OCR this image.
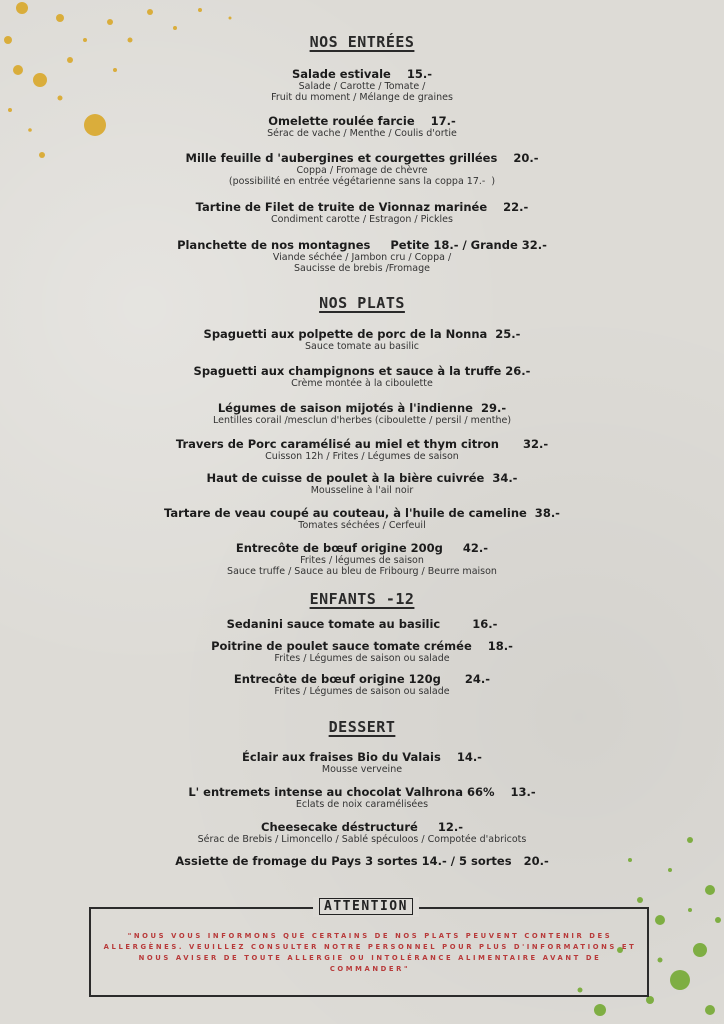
NOS ENTRÉES
Salade estivale    15.-
Salade / Carotte / Tomate /
Fruit du moment / Mélange de graines
Omelette roulée farcie    17.-
Sérac de vache / Menthe / Coulis d'ortie
Mille feuille d 'aubergines et courgettes grillées    20.-
Coppa / Fromage de chèvre
(possibilité en entrée végétarienne sans la coppa 17.-  )
Tartine de Filet de truite de Vionnaz marinée    22.-
Condiment carotte / Estragon / Pickles
Planchette de nos montagnes     Petite 18.- / Grande 32.-
Viande séchée / Jambon cru / Coppa /
Saucisse de brebis /Fromage
NOS PLATS
Spaguetti aux polpette de porc de la Nonna  25.-
Sauce tomate au basilic
Spaguetti aux champignons et sauce à la truffe 26.-
Crème montée à la ciboulette
Légumes de saison mijotés à l'indienne  29.-
Lentilles corail /mesclun d'herbes (ciboulette / persil / menthe)
Travers de Porc caramélisé au miel et thym citron      32.-
Cuisson 12h / Frites / Légumes de saison
Haut de cuisse de poulet à la bière cuivrée  34.-
Mousseline à l'ail noir
Tartare de veau coupé au couteau, à l'huile de cameline  38.-
Tomates séchées / Cerfeuil
Entrecôte de bœuf origine 200g     42.-
Frites / légumes de saison
Sauce truffe / Sauce au bleu de Fribourg / Beurre maison
ENFANTS -12
Sedanini sauce tomate au basilic        16.-
Poitrine de poulet sauce tomate crémée    18.-
Frites / Légumes de saison ou salade
Entrecôte de bœuf origine 120g      24.-
Frites / Légumes de saison ou salade
DESSERT
Éclair aux fraises Bio du Valais    14.-
Mousse verveine
L' entremets intense au chocolat Valhrona 66%    13.-
Eclats de noix caramélisées
Cheesecake déstructuré     12.-
Sérac de Brebis / Limoncello / Sablé spéculoos / Compotée d'abricots
Assiette de fromage du Pays 3 sortes 14.- / 5 sortes   20.-
ATTENTION
"NOUS VOUS INFORMONS QUE CERTAINS DE NOS PLATS PEUVENT CONTENIR DES ALLERGÈNES. VEUILLEZ CONSULTER NOTRE PERSONNEL POUR PLUS D'INFORMATIONS ET NOUS AVISER DE TOUTE ALLERGIE OU INTOLÉRANCE ALIMENTAIRE AVANT DE COMMANDER"
